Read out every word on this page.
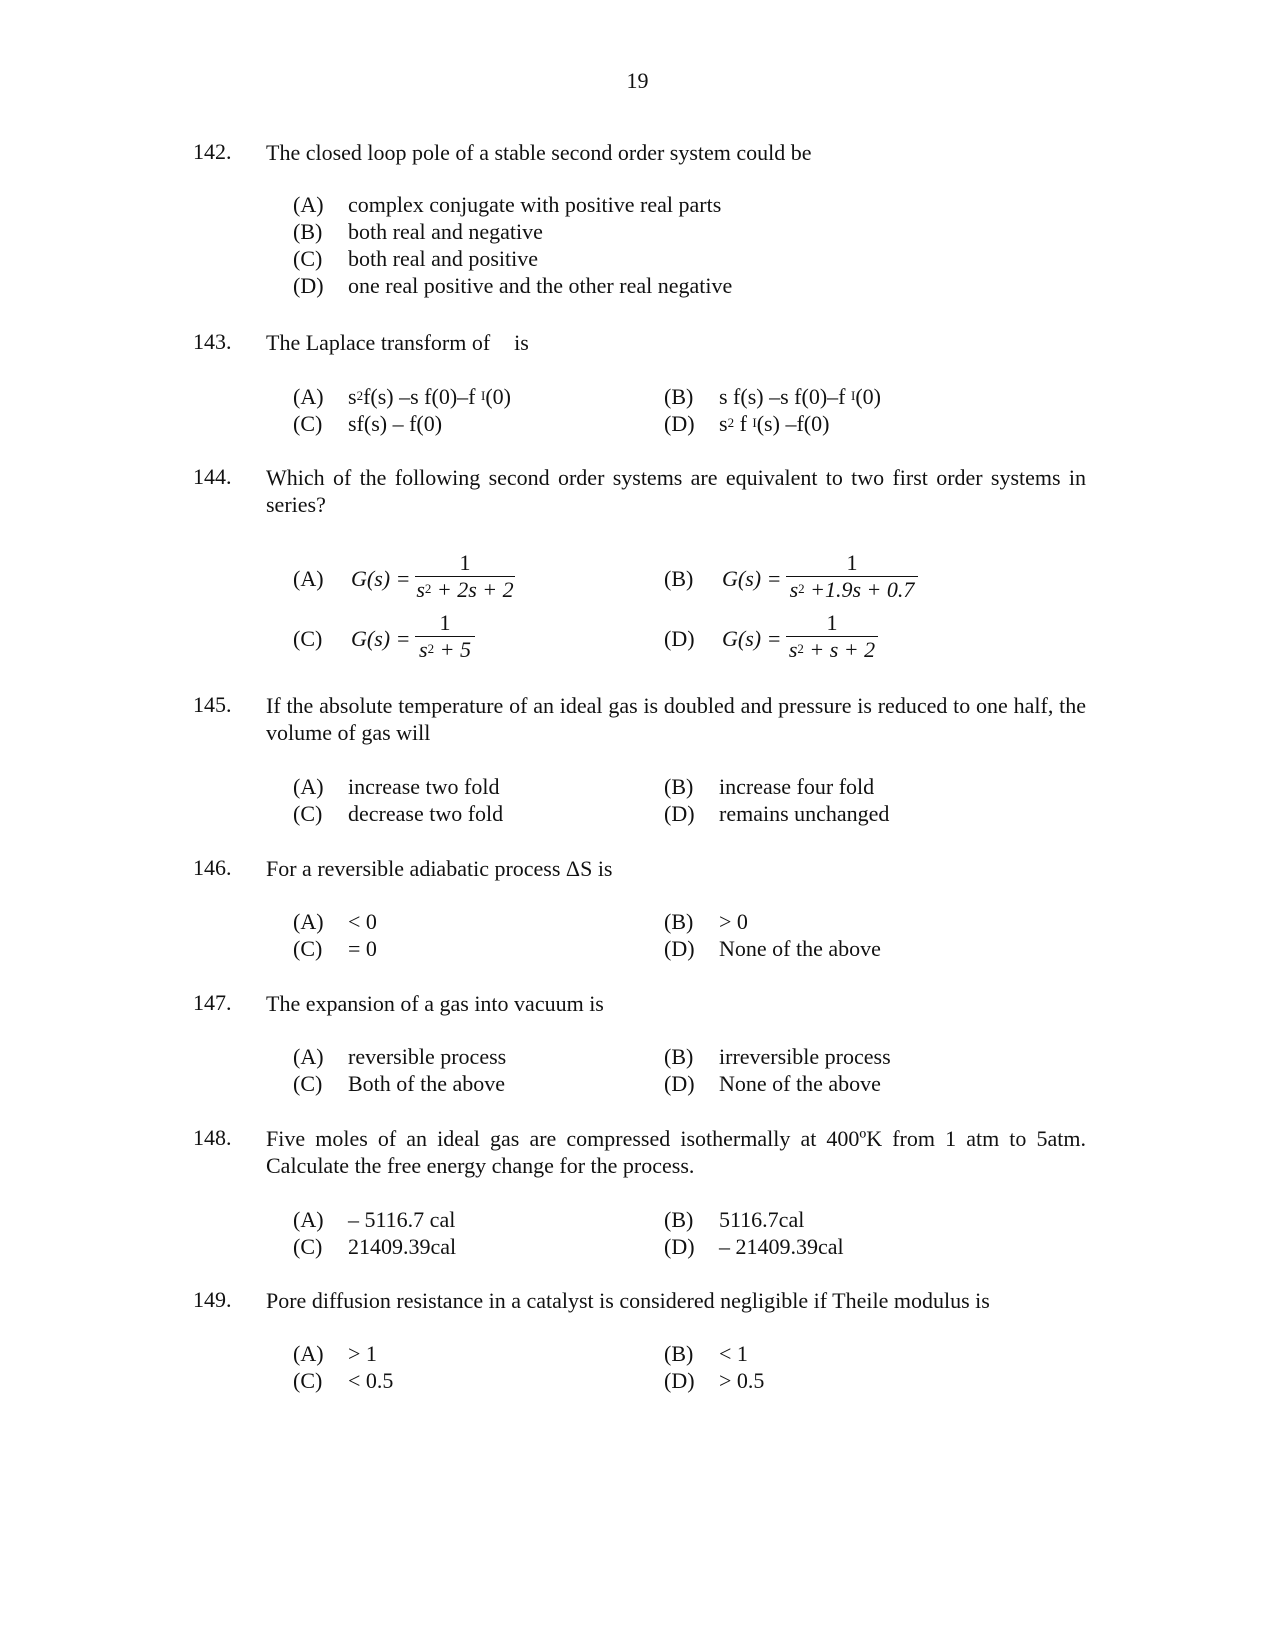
19
142. The closed loop pole of a stable second order system could be
(A) complex conjugate with positive real parts
(B) both real and negative
(C) both real and positive
(D) one real positive and the other real negative
143. The Laplace transform of is
(A) $s^2f(s)$ –s f(0)–f $^I$(0)	(B) s f(s) –s f(0)–f $^I$(0)
(C) sf(s) – f(0)	(D) $s^2$ f $^I$(s) –f(0)
144. Which of the following second order systems are equivalent to two first order systems in series?
(A)	G(s) =
1
$s^2 + 2s + 2$	(B)	G(s) =
1
$s^2 +1.9s + 0.7$
(C)	G(s) =
1
$s^2 + 5$	(D)	G(s) =
1
$s^2 + s + 2$
145. If the absolute temperature of an ideal gas is doubled and pressure is reduced to one half, the volume of gas will
(A) increase two fold	(B) increase four fold
(C) decrease two fold	(D) remains unchanged
146. For a reversible adiabatic process ΔS is
(A) < 0	(B) > 0
(C) = 0	(D) None of the above
147. The expansion of a gas into vacuum is
(A) reversible process	(B) irreversible process
(C) Both of the above	(D) None of the above
148. Five moles of an ideal gas are compressed isothermally at 400ºK from 1 atm to 5atm. Calculate the free energy change for the process.
(A) – 5116.7 cal	(B) 5116.7cal
(C) 21409.39cal	(D) – 21409.39cal
149. Pore diffusion resistance in a catalyst is considered negligible if Theile modulus is
(A) > 1	(B) < 1
(C) < 0.5	(D) > 0.5
